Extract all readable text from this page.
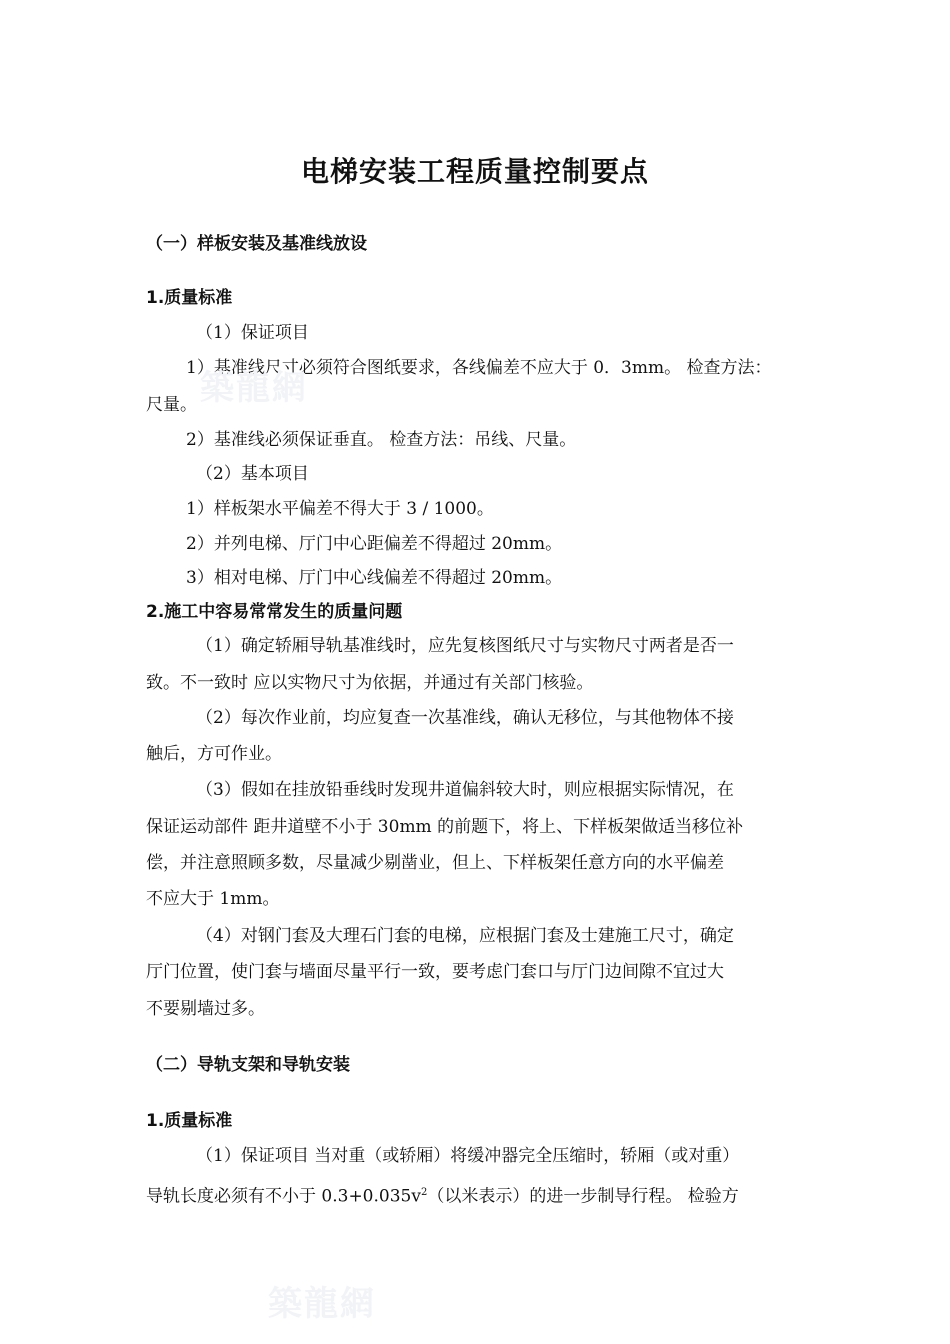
电梯安装工程质量控制要点
（一）样板安装及基准线放设
1.质量标准
（1）保证项目
1）基准线尺寸必须符合图纸要求，各线偏差不应大于 0．3mm。 检查方法：
尺量。
2）基准线必须保证垂直。 检查方法：吊线、尺量。
（2）基本项目
1）样板架水平偏差不得大于 3 / 1000。
2）并列电梯、厅门中心距偏差不得超过 20mm。
3）相对电梯、厅门中心线偏差不得超过 20mm。
2.施工中容易常常发生的质量问题
（1）确定轿厢导轨基准线时，应先复核图纸尺寸与实物尺寸两者是否一
致。不一致时 应以实物尺寸为依据，并通过有关部门核验。
（2）每次作业前，均应复查一次基准线，确认无移位，与其他物体不接
触后，方可作业。
（3）假如在挂放铅垂线时发现井道偏斜较大时，则应根据实际情况，在
保证运动部件 距井道壁不小于 30mm 的前题下，将上、下样板架做适当移位补
偿，并注意照顾多数，尽量减少剔凿业，但上、下样板架任意方向的水平偏差
不应大于 1mm。
（4）对钢门套及大理石门套的电梯，应根据门套及士建施工尺寸，确定
厅门位置，使门套与墙面尽量平行一致，要考虑门套口与厅门边间隙不宜过大
不要剔墙过多。
（二）导轨支架和导轨安装
1.质量标准
（1）保证项目 当对重（或轿厢）将缓冲器完全压缩时，轿厢（或对重）
导轨长度必须有不小于 $0.3+0.035v^2$（以米表示）的进一步制导行程。 检验方
築龍網
築龍網
